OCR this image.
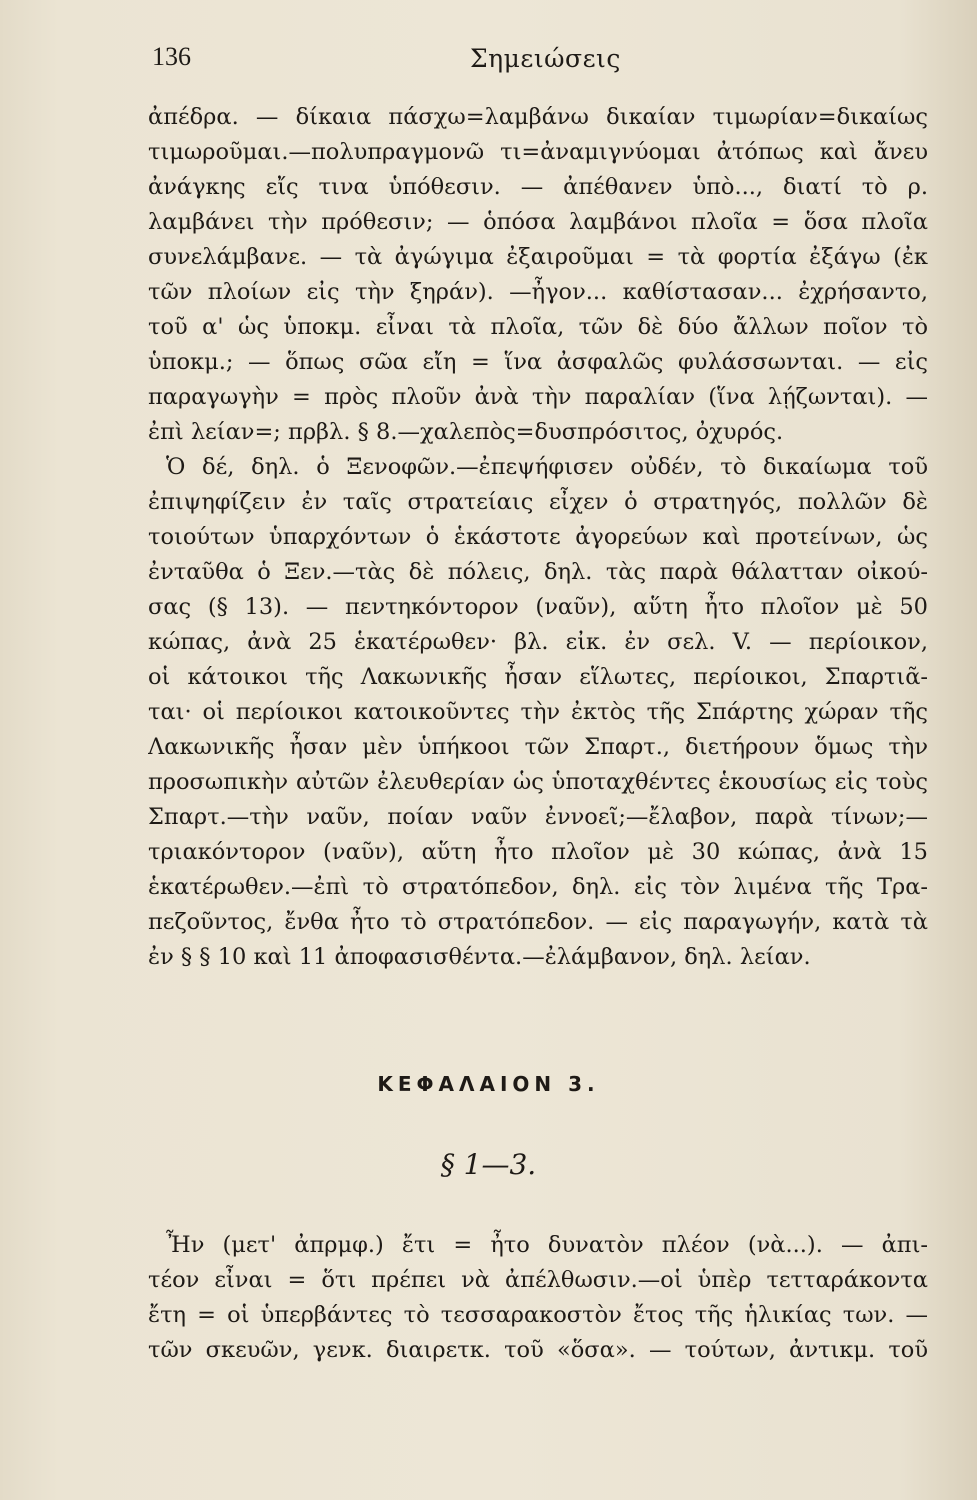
136	Σημειώσεις
ἀπέδρα. — δίκαια πάσχω=λαμβάνω δικαίαν τιμωρίαν=δικαίως
τιμωροῦμαι.—πολυπραγμονῶ τι=ἀναμιγνύομαι ἀτόπως καὶ ἄνευ
ἀνάγκης εἴς τινα ὑπόθεσιν. — ἀπέθανεν ὑπὸ..., διατί τὸ ρ.
λαμβάνει τὴν πρόθεσιν; — ὁπόσα λαμβάνοι πλοῖα = ὅσα πλοῖα
συνελάμβανε. — τὰ ἀγώγιμα ἐξαιροῦμαι = τὰ φορτία ἐξάγω (ἐκ
τῶν πλοίων εἰς τὴν ξηράν). —ἦγον... καθίστασαν... ἐχρήσαντο,
τοῦ α' ὡς ὑποκμ. εἶναι τὰ πλοῖα, τῶν δὲ δύο ἄλλων ποῖον τὸ
ὑποκμ.; — ὅπως σῶα εἴη = ἵνα ἀσφαλῶς φυλάσσωνται. — εἰς
παραγωγὴν = πρὸς πλοῦν ἀνὰ τὴν παραλίαν (ἵνα λῄζωνται). —
ἐπὶ λείαν=; πρβλ. § 8.—χαλεπὸς=δυσπρόσιτος, ὀχυρός.
Ὁ δέ, δηλ. ὁ Ξενοφῶν.—ἐπεψήφισεν οὐδέν, τὸ δικαίωμα τοῦ
ἐπιψηφίζειν ἐν ταῖς στρατείαις εἶχεν ὁ στρατηγός, πολλῶν δὲ
τοιούτων ὑπαρχόντων ὁ ἑκάστοτε ἀγορεύων καὶ προτείνων, ὡς
ἐνταῦθα ὁ Ξεν.—τὰς δὲ πόλεις, δηλ. τὰς παρὰ θάλατταν οἰκού-
σας (§ 13). — πεντηκόντορον (ναῦν), αὕτη ἦτο πλοῖον μὲ 50
κώπας, ἀνὰ 25 ἑκατέρωθεν· βλ. εἰκ. ἐν σελ. V. — περίοικον,
οἱ κάτοικοι τῆς Λακωνικῆς ἦσαν εἵλωτες, περίοικοι, Σπαρτιᾶ-
ται· οἱ περίοικοι κατοικοῦντες τὴν ἐκτὸς τῆς Σπάρτης χώραν τῆς
Λακωνικῆς ἦσαν μὲν ὑπήκοοι τῶν Σπαρτ., διετήρουν ὅμως τὴν
προσωπικὴν αὐτῶν ἐλευθερίαν ὡς ὑποταχθέντες ἑκουσίως εἰς τοὺς
Σπαρτ.—τὴν ναῦν, ποίαν ναῦν ἐννοεῖ;—ἔλαβον, παρὰ τίνων;—
τριακόντορον (ναῦν), αὕτη ἦτο πλοῖον μὲ 30 κώπας, ἀνὰ 15
ἑκατέρωθεν.—ἐπὶ τὸ στρατόπεδον, δηλ. εἰς τὸν λιμένα τῆς Τρα-
πεζοῦντος, ἔνθα ἦτο τὸ στρατόπεδον. — εἰς παραγωγήν, κατὰ τὰ
ἐν § § 10 καὶ 11 ἀποφασισθέντα.—ἐλάμβανον, δηλ. λείαν.
ΚΕΦΑΛΑΙΟΝ 3.
§ 1—3.
Ἦν (μετ' ἀπρμφ.) ἔτι = ἦτο δυνατὸν πλέον (νὰ...). — ἀπι-
τέον εἶναι = ὅτι πρέπει νὰ ἀπέλθωσιν.—οἱ ὑπὲρ τετταράκοντα
ἔτη = οἱ ὑπερβάντες τὸ τεσσαρακοστὸν ἔτος τῆς ἡλικίας των. —
τῶν σκευῶν, γενκ. διαιρετκ. τοῦ «ὅσα». — τούτων, ἀντικμ. τοῦ
